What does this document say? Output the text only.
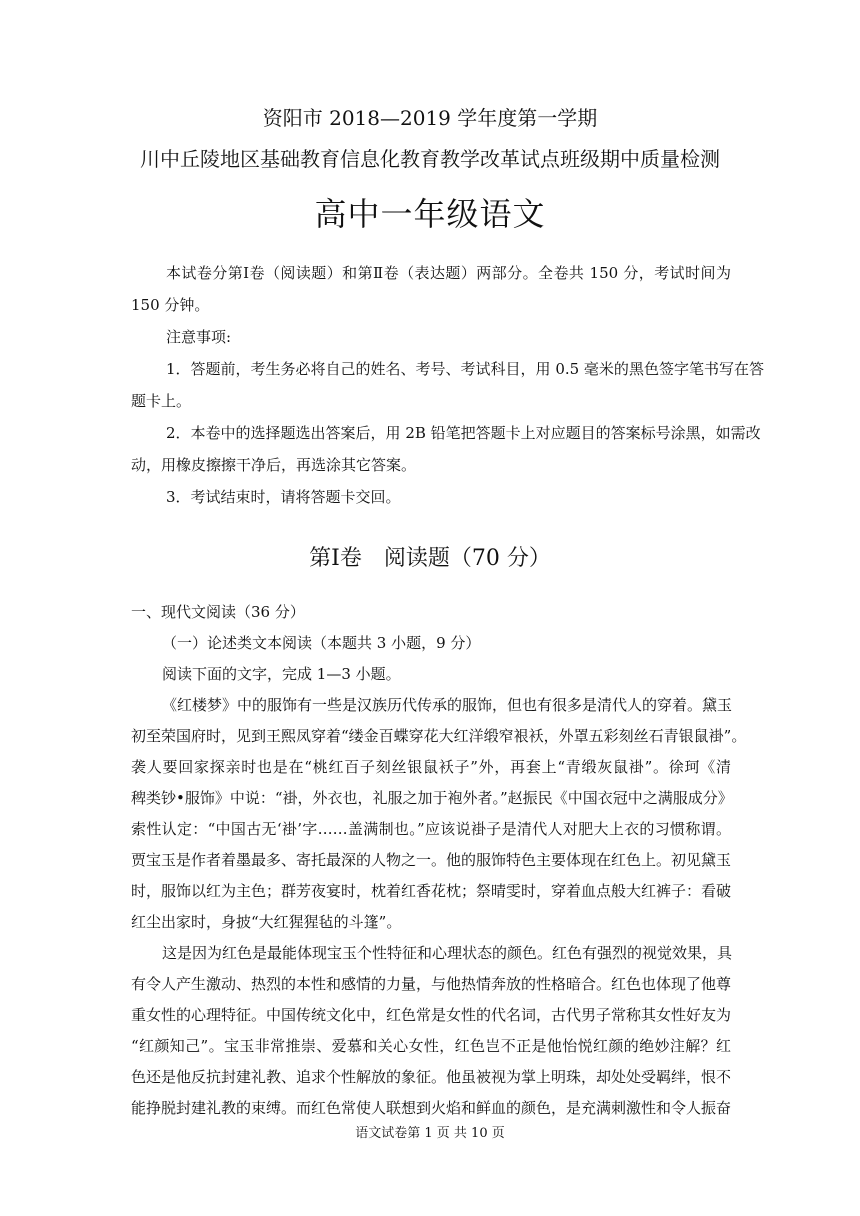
资阳市 2018—2019 学年度第一学期
川中丘陵地区基础教育信息化教育教学改革试点班级期中质量检测
高中一年级语文
本试卷分第Ⅰ卷（阅读题）和第Ⅱ卷（表达题）两部分。全卷共 150 分，考试时间为
150 分钟。
注意事项:
1．答题前，考生务必将自己的姓名、考号、考试科目，用 0.5 毫米的黑色签字笔书写在答
题卡上。
2．本卷中的选择题选出答案后，用 2B 铅笔把答题卡上对应题目的答案标号涂黑，如需改
动，用橡皮擦擦干净后，再选涂其它答案。
3．考试结束时，请将答题卡交回。
第Ⅰ卷　阅读题（70 分）
一、现代文阅读（36 分）
（一）论述类文本阅读（本题共 3 小题，9 分）
阅读下面的文字，完成 1—3 小题。
《红楼梦》中的服饰有一些是汉族历代传承的服饰，但也有很多是清代人的穿着。黛玉
初至荣国府时，见到王熙凤穿着“缕金百蝶穿花大红洋缎窄裉袄，外罩五彩刻丝石青银鼠褂”。
袭人要回家探亲时也是在“桃红百子刻丝银鼠袄子”外，再套上“青缎灰鼠褂”。徐珂《清
稗类钞•服饰》中说：“褂，外衣也，礼服之加于袍外者。”赵振民《中国衣冠中之满服成分》
索性认定：“中国古无‘褂’字……盖满制也。”应该说褂子是清代人对肥大上衣的习惯称谓。
贾宝玉是作者着墨最多、寄托最深的人物之一。他的服饰特色主要体现在红色上。初见黛玉
时，服饰以红为主色；群芳夜宴时，枕着红香花枕；祭晴雯时，穿着血点般大红裤子：看破
红尘出家时，身披“大红猩猩毡的斗篷”。
这是因为红色是最能体现宝玉个性特征和心理状态的颜色。红色有强烈的视觉效果，具
有令人产生激动、热烈的本性和感情的力量，与他热情奔放的性格暗合。红色也体现了他尊
重女性的心理特征。中国传统文化中，红色常是女性的代名词，古代男子常称其女性好友为
“红颜知己”。宝玉非常推崇、爱慕和关心女性，红色岂不正是他怡悦红颜的绝妙注解？红
色还是他反抗封建礼教、追求个性解放的象征。他虽被视为掌上明珠，却处处受羁绊，恨不
能挣脱封建礼教的束缚。而红色常使人联想到火焰和鲜血的颜色，是充满刺激性和令人振奋
语文试卷第 1 页 共 10 页
